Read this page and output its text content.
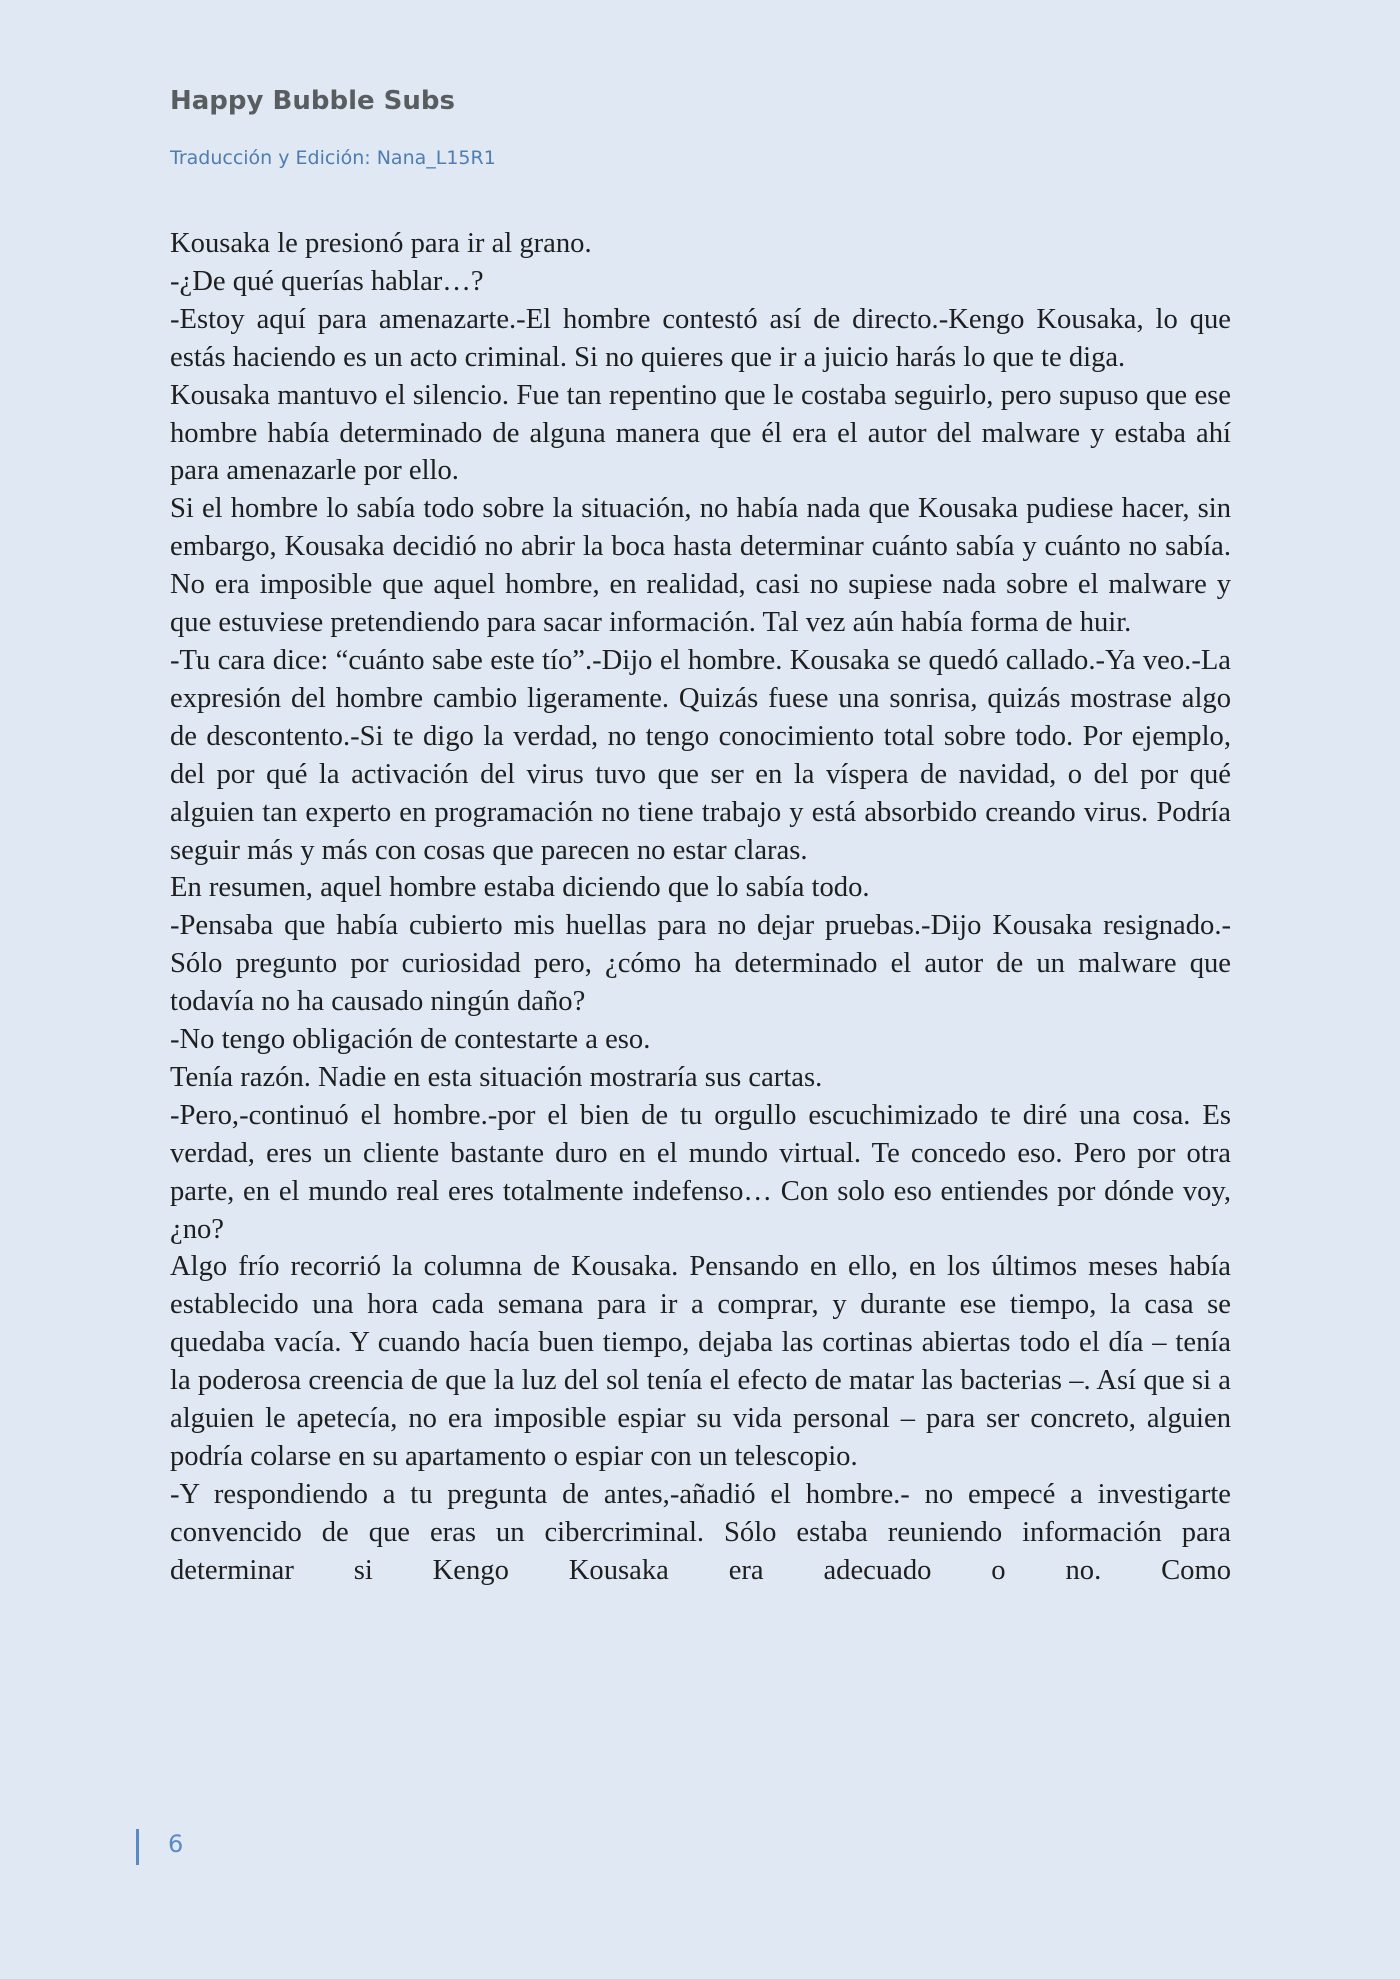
Happy Bubble Subs
Traducción y Edición: Nana_L15R1

Kousaka le presionó para ir al grano.

-¿De qué querías hablar…?

-Estoy aquí para amenazarte.-El hombre contestó así de directo.-Kengo Kousaka, lo que estás haciendo es un acto criminal. Si no quieres que ir a juicio harás lo que te diga.

Kousaka mantuvo el silencio. Fue tan repentino que le costaba seguirlo, pero supuso que ese hombre había determinado de alguna manera que él era el autor del malware y estaba ahí para amenazarle por ello.

Si el hombre lo sabía todo sobre la situación, no había nada que Kousaka pudiese hacer, sin embargo, Kousaka decidió no abrir la boca hasta determinar cuánto sabía y cuánto no sabía. No era imposible que aquel hombre, en realidad, casi no supiese nada sobre el malware y que estuviese pretendiendo para sacar información. Tal vez aún había forma de huir.

-Tu cara dice: “cuánto sabe este tío”.-Dijo el hombre. Kousaka se quedó callado.-Ya veo.-La expresión del hombre cambio ligeramente. Quizás fuese una sonrisa, quizás mostrase algo de descontento.-Si te digo la verdad, no tengo conocimiento total sobre todo. Por ejemplo, del por qué la activación del virus tuvo que ser en la víspera de navidad, o del por qué alguien tan experto en programación no tiene trabajo y está absorbido creando virus. Podría seguir más y más con cosas que parecen no estar claras.

En resumen, aquel hombre estaba diciendo que lo sabía todo.

-Pensaba que había cubierto mis huellas para no dejar pruebas.-Dijo Kousaka resignado.-Sólo pregunto por curiosidad pero, ¿cómo ha determinado el autor de un malware que todavía no ha causado ningún daño?

-No tengo obligación de contestarte a eso.

Tenía razón. Nadie en esta situación mostraría sus cartas.

-Pero,-continuó el hombre.-por el bien de tu orgullo escuchimizado te diré una cosa. Es verdad, eres un cliente bastante duro en el mundo virtual. Te concedo eso. Pero por otra parte, en el mundo real eres totalmente indefenso… Con solo eso entiendes por dónde voy, ¿no?

Algo frío recorrió la columna de Kousaka. Pensando en ello, en los últimos meses había establecido una hora cada semana para ir a comprar, y durante ese tiempo, la casa se quedaba vacía. Y cuando hacía buen tiempo, dejaba las cortinas abiertas todo el día – tenía la poderosa creencia de que la luz del sol tenía el efecto de matar las bacterias –. Así que si a alguien le apetecía, no era imposible espiar su vida personal – para ser concreto, alguien podría colarse en su apartamento o espiar con un telescopio.

-Y respondiendo a tu pregunta de antes,-añadió el hombre.- no empecé a investigarte convencido de que eras un cibercriminal. Sólo estaba reuniendo información para determinar si Kengo Kousaka era adecuado o no. Como

6
